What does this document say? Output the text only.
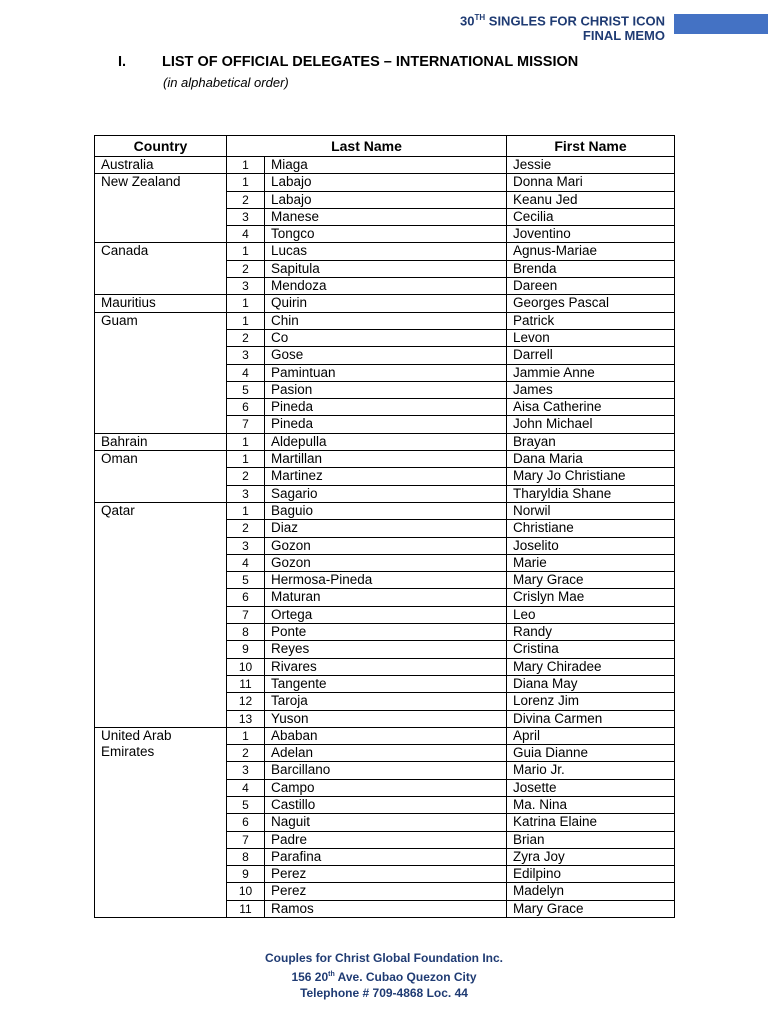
30TH SINGLES FOR CHRIST ICON
FINAL MEMO
I. LIST OF OFFICIAL DELEGATES – INTERNATIONAL MISSION
(in alphabetical order)
Country	Last Name		First Name
Australia	1	Miaga	Jessie
New Zealand	1	Labajo	Donna Mari
	2	Labajo	Keanu Jed
	3	Manese	Cecilia
	4	Tongco	Joventino
Canada	1	Lucas	Agnus-Mariae
	2	Sapitula	Brenda
	3	Mendoza	Dareen
Mauritius	1	Quirin	Georges Pascal
Guam	1	Chin	Patrick
	2	Co	Levon
	3	Gose	Darrell
	4	Pamintuan	Jammie Anne
	5	Pasion	James
	6	Pineda	Aisa Catherine
	7	Pineda	John Michael
Bahrain	1	Aldepulla	Brayan
Oman	1	Martillan	Dana Maria
	2	Martinez	Mary Jo Christiane
	3	Sagario	Tharyldia Shane
Qatar	1	Baguio	Norwil
	2	Diaz	Christiane
	3	Gozon	Joselito
	4	Gozon	Marie
	5	Hermosa-Pineda	Mary Grace
	6	Maturan	Crislyn Mae
	7	Ortega	Leo
	8	Ponte	Randy
	9	Reyes	Cristina
	10	Rivares	Mary Chiradee
	11	Tangente	Diana May
	12	Taroja	Lorenz Jim
	13	Yuson	Divina Carmen
United Arab Emirates	1	Ababan	April
	2	Adelan	Guia Dianne
	3	Barcillano	Mario Jr.
	4	Campo	Josette
	5	Castillo	Ma. Nina
	6	Naguit	Katrina Elaine
	7	Padre	Brian
	8	Parafina	Zyra Joy
	9	Perez	Edilpino
	10	Perez	Madelyn
	11	Ramos	Mary Grace
Couples for Christ Global Foundation Inc.
156 20th Ave. Cubao Quezon City
Telephone # 709-4868 Loc. 44
